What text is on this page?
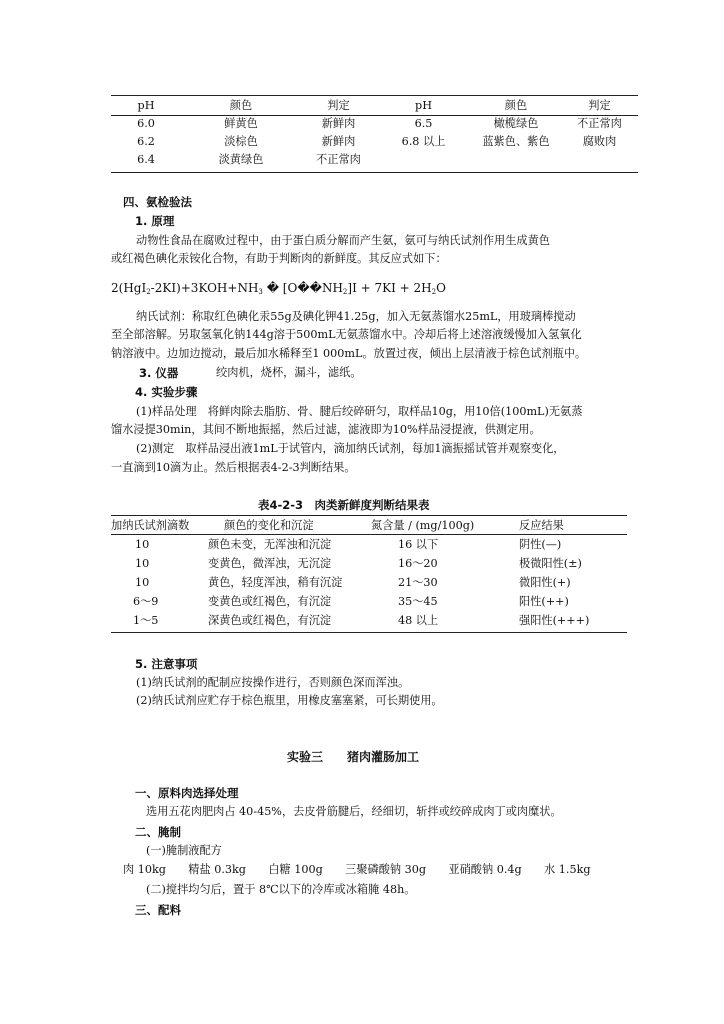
pH	颜色	判定	pH	颜色	判定
6.0	鲜黄色	新鲜肉	6.5	橄榄绿色	不正常肉
6.2	淡棕色	新鲜肉	6.8 以上	蓝紫色、紫色	腐败肉
6.4	淡黄绿色	不正常肉			
四、氨检验法
1. 原理
动物性食品在腐败过程中，由于蛋白质分解而产生氨，氨可与纳氏试剂作用生成黄色
或红褐色碘化汞铵化合物，有助于判断肉的新鲜度。其反应式如下：
$2(HgI_2-2KI)+3KOH+NH_3$ � $[O��NH_2]I + 7KI + 2H_2O$
纳氏试剂：称取红色碘化汞55g及碘化钾41.25g，加入无氨蒸馏水25mL，用玻璃棒搅动
至全部溶解。另取氢氧化钠144g溶于500mL无氨蒸馏水中。冷却后将上述溶液缓慢加入氢氧化
钠溶液中。边加边搅动，最后加水稀释至1 000mL。放置过夜，倾出上层清液于棕色试剂瓶中。
3. 仪器	绞肉机，烧杯，漏斗，滤纸。
4. 实验步骤
(1)样品处理　将鲜肉除去脂肪、骨、腱后绞碎研匀，取样品10g，用10倍(100mL)无氨蒸
馏水浸提30min，其间不断地振摇，然后过滤，滤液即为10%样品浸提液，供测定用。
(2)测定　取样品浸出液1mL于试管内，滴加纳氏试剂，每加1滴振摇试管并观察变化，
一直滴到10滴为止。然后根据表4-2-3判断结果。
表4-2-3　肉类新鲜度判断结果表
加纳氏试剂滴数	颜色的变化和沉淀	氮含量 / (mg/100g)	反应结果
10	颜色未变，无浑浊和沉淀	16 以下	阴性(—)
10	变黄色，微浑浊，无沉淀	16～20	极微阳性(±)
10	黄色，轻度浑浊，稍有沉淀	21～30	微阳性(+)
6～9	变黄色或红褐色，有沉淀	35～45	阳性(++)
1～5	深黄色或红褐色，有沉淀	48 以上	强阳性(+++)
5. 注意事项
(1)纳氏试剂的配制应按操作进行，否则颜色深而浑浊。
(2)纳氏试剂应贮存于棕色瓶里，用橡皮塞塞紧，可长期使用。
实验三　　猪肉灌肠加工
一、原料肉选择处理
选用五花肉肥肉占 40-45%，去皮骨筋腱后，经细切，斩拌或绞碎成肉丁或肉糜状。
二、腌制
(一)腌制液配方
肉 10kg　　精盐 0.3kg　　白糖 100g　　三聚磷酸钠 30g　　亚硝酸钠 0.4g　　水 1.5kg
(二)搅拌均匀后，置于 8℃以下的冷库或冰箱腌 48h。
三、配料
